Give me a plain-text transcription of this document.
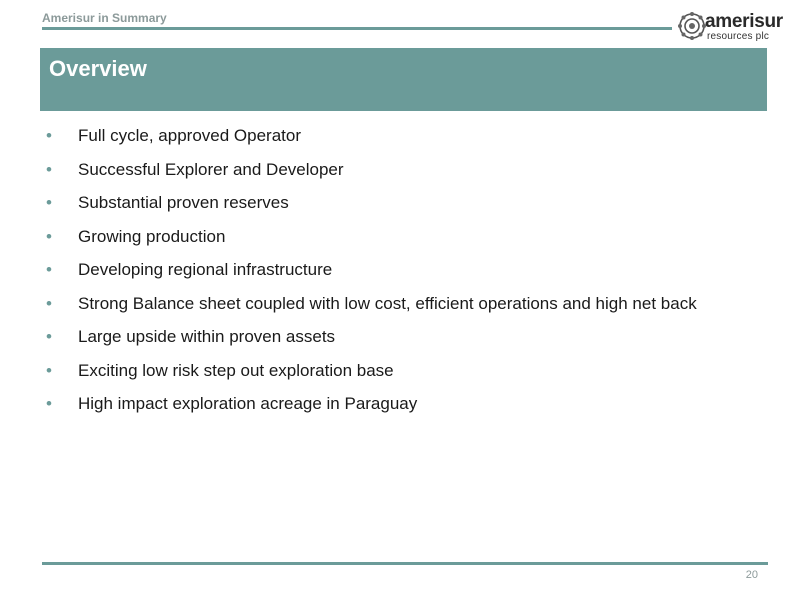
Amerisur in Summary	amerisur
resources plc
Overview
• Full cycle, approved Operator
• Successful Explorer and Developer
• Substantial proven reserves
• Growing production
• Developing regional infrastructure
• Strong Balance sheet coupled with low cost, efficient operations and high net back
• Large upside within proven assets
• Exciting low risk step out exploration base
• High impact exploration acreage in Paraguay
20
